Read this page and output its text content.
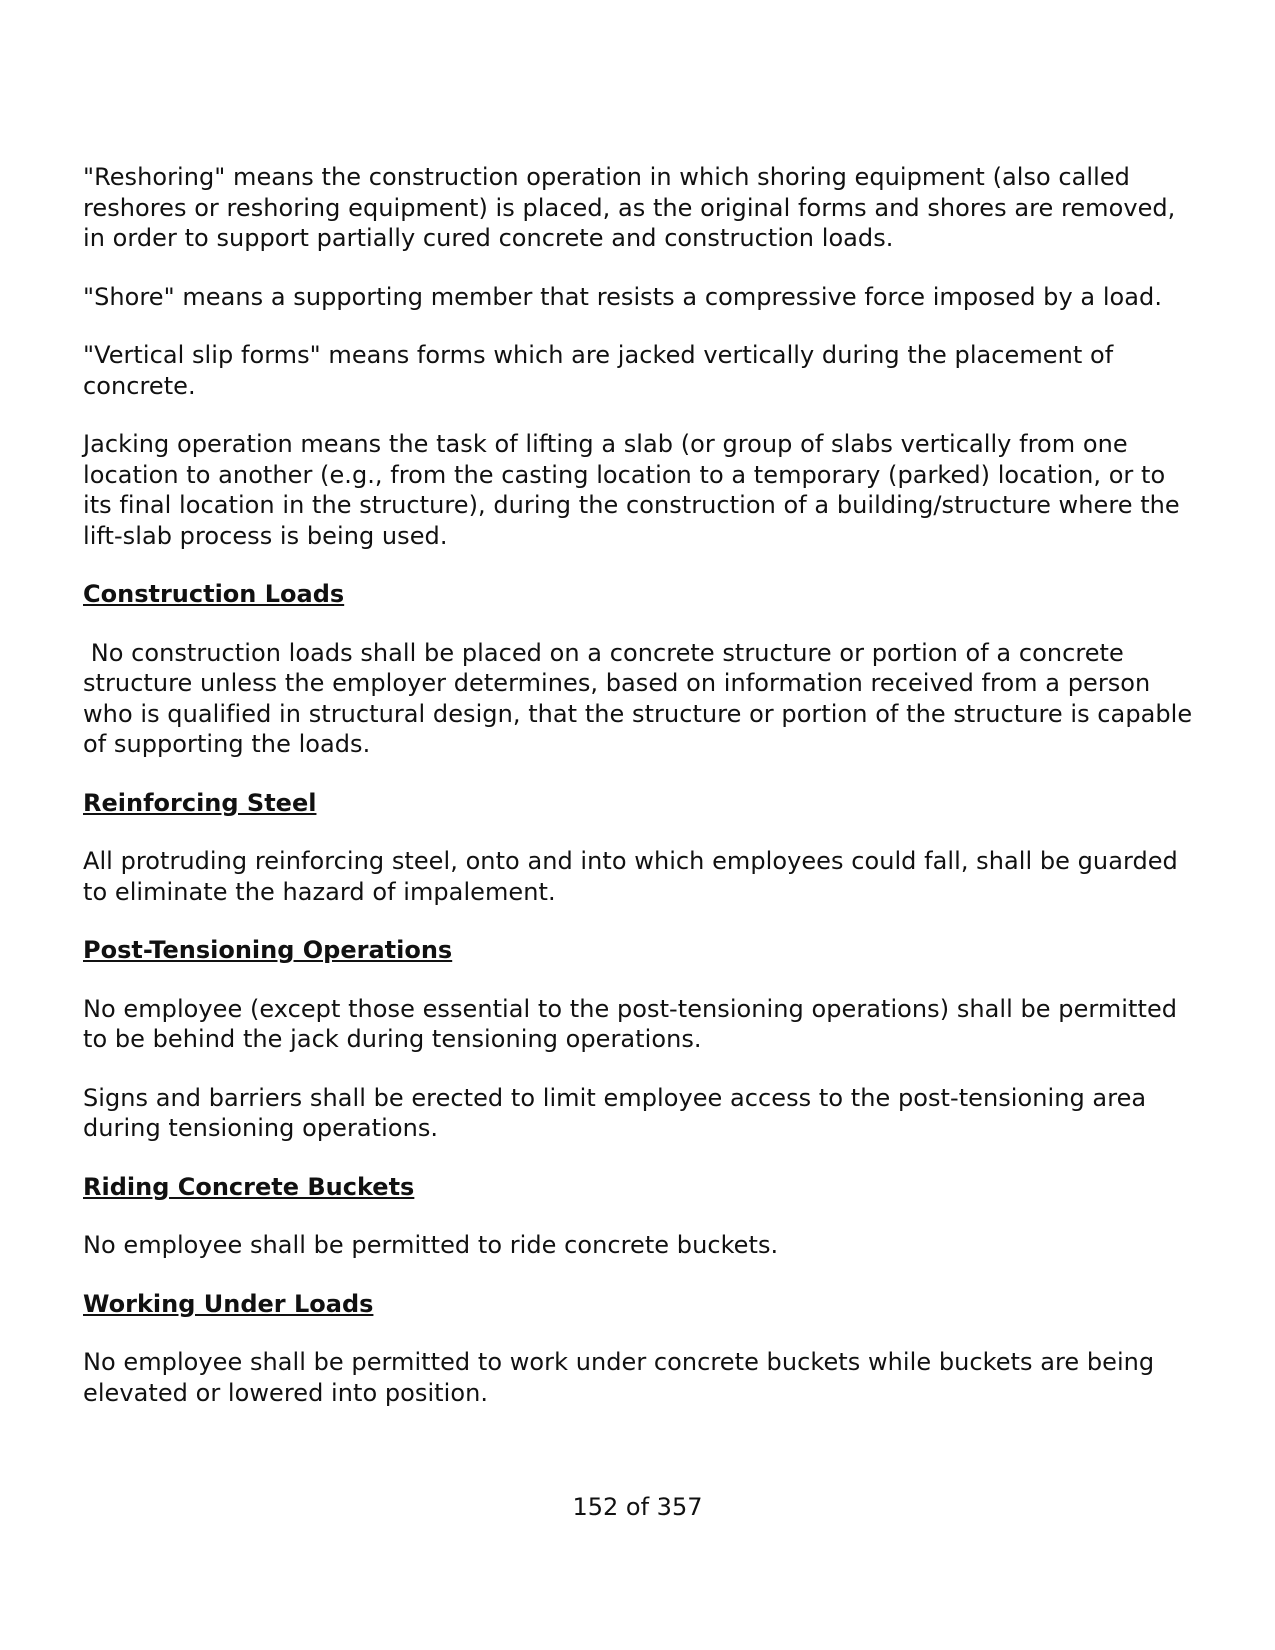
"Reshoring" means the construction operation in which shoring equipment (also called reshores or reshoring equipment) is placed, as the original forms and shores are removed, in order to support partially cured concrete and construction loads.

"Shore" means a supporting member that resists a compressive force imposed by a load.

"Vertical slip forms" means forms which are jacked vertically during the placement of concrete.

Jacking operation means the task of lifting a slab (or group of slabs vertically from one location to another (e.g., from the casting location to a temporary (parked) location, or to its final location in the structure), during the construction of a building/structure where the lift-slab process is being used.

Construction Loads

No construction loads shall be placed on a concrete structure or portion of a concrete structure unless the employer determines, based on information received from a person who is qualified in structural design, that the structure or portion of the structure is capable of supporting the loads.

Reinforcing Steel

All protruding reinforcing steel, onto and into which employees could fall, shall be guarded to eliminate the hazard of impalement.

Post-Tensioning Operations

No employee (except those essential to the post-tensioning operations) shall be permitted to be behind the jack during tensioning operations.

Signs and barriers shall be erected to limit employee access to the post-tensioning area during tensioning operations.

Riding Concrete Buckets

No employee shall be permitted to ride concrete buckets.

Working Under Loads

No employee shall be permitted to work under concrete buckets while buckets are being elevated or lowered into position.

152 of 357
